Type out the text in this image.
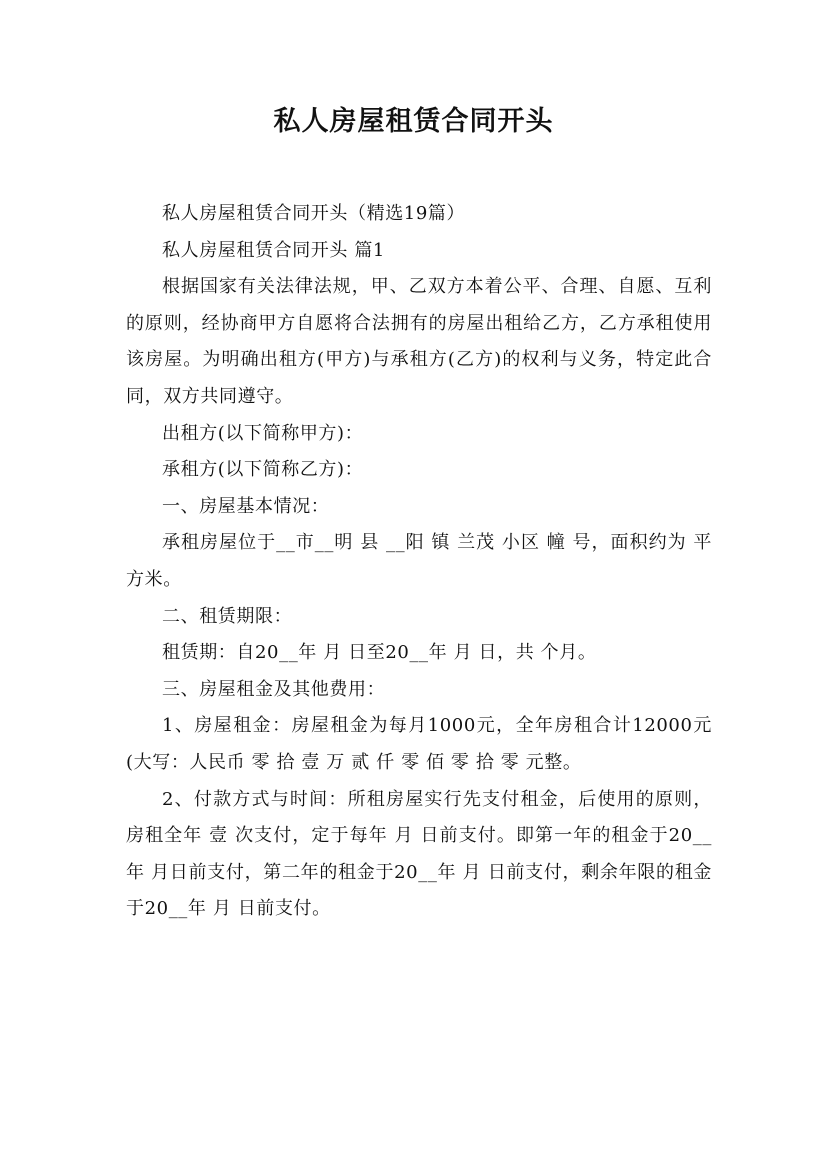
私人房屋租赁合同开头

私人房屋租赁合同开头（精选19篇）

私人房屋租赁合同开头 篇1

根据国家有关法律法规，甲、乙双方本着公平、合理、自愿、互利的原则，经协商甲方自愿将合法拥有的房屋出租给乙方，乙方承租使用该房屋。为明确出租方(甲方)与承租方(乙方)的权利与义务，特定此合同，双方共同遵守。

出租方(以下简称甲方)：

承租方(以下简称乙方)：

一、房屋基本情况：

承租房屋位于__市__明 县 __阳 镇 兰茂 小区 幢 号，面积约为 平方米。

二、租赁期限：

租赁期：自20__年 月 日至20__年 月 日，共 个月。

三、房屋租金及其他费用：

1、房屋租金：房屋租金为每月1000元，全年房租合计12000元(大写：人民币 零 拾 壹 万 贰 仟 零 佰 零 拾 零 元整。

2、付款方式与时间：所租房屋实行先支付租金，后使用的原则，房租全年 壹 次支付，定于每年 月 日前支付。即第一年的租金于20__年 月日前支付，第二年的租金于20__年 月 日前支付，剩余年限的租金于20__年 月 日前支付。
